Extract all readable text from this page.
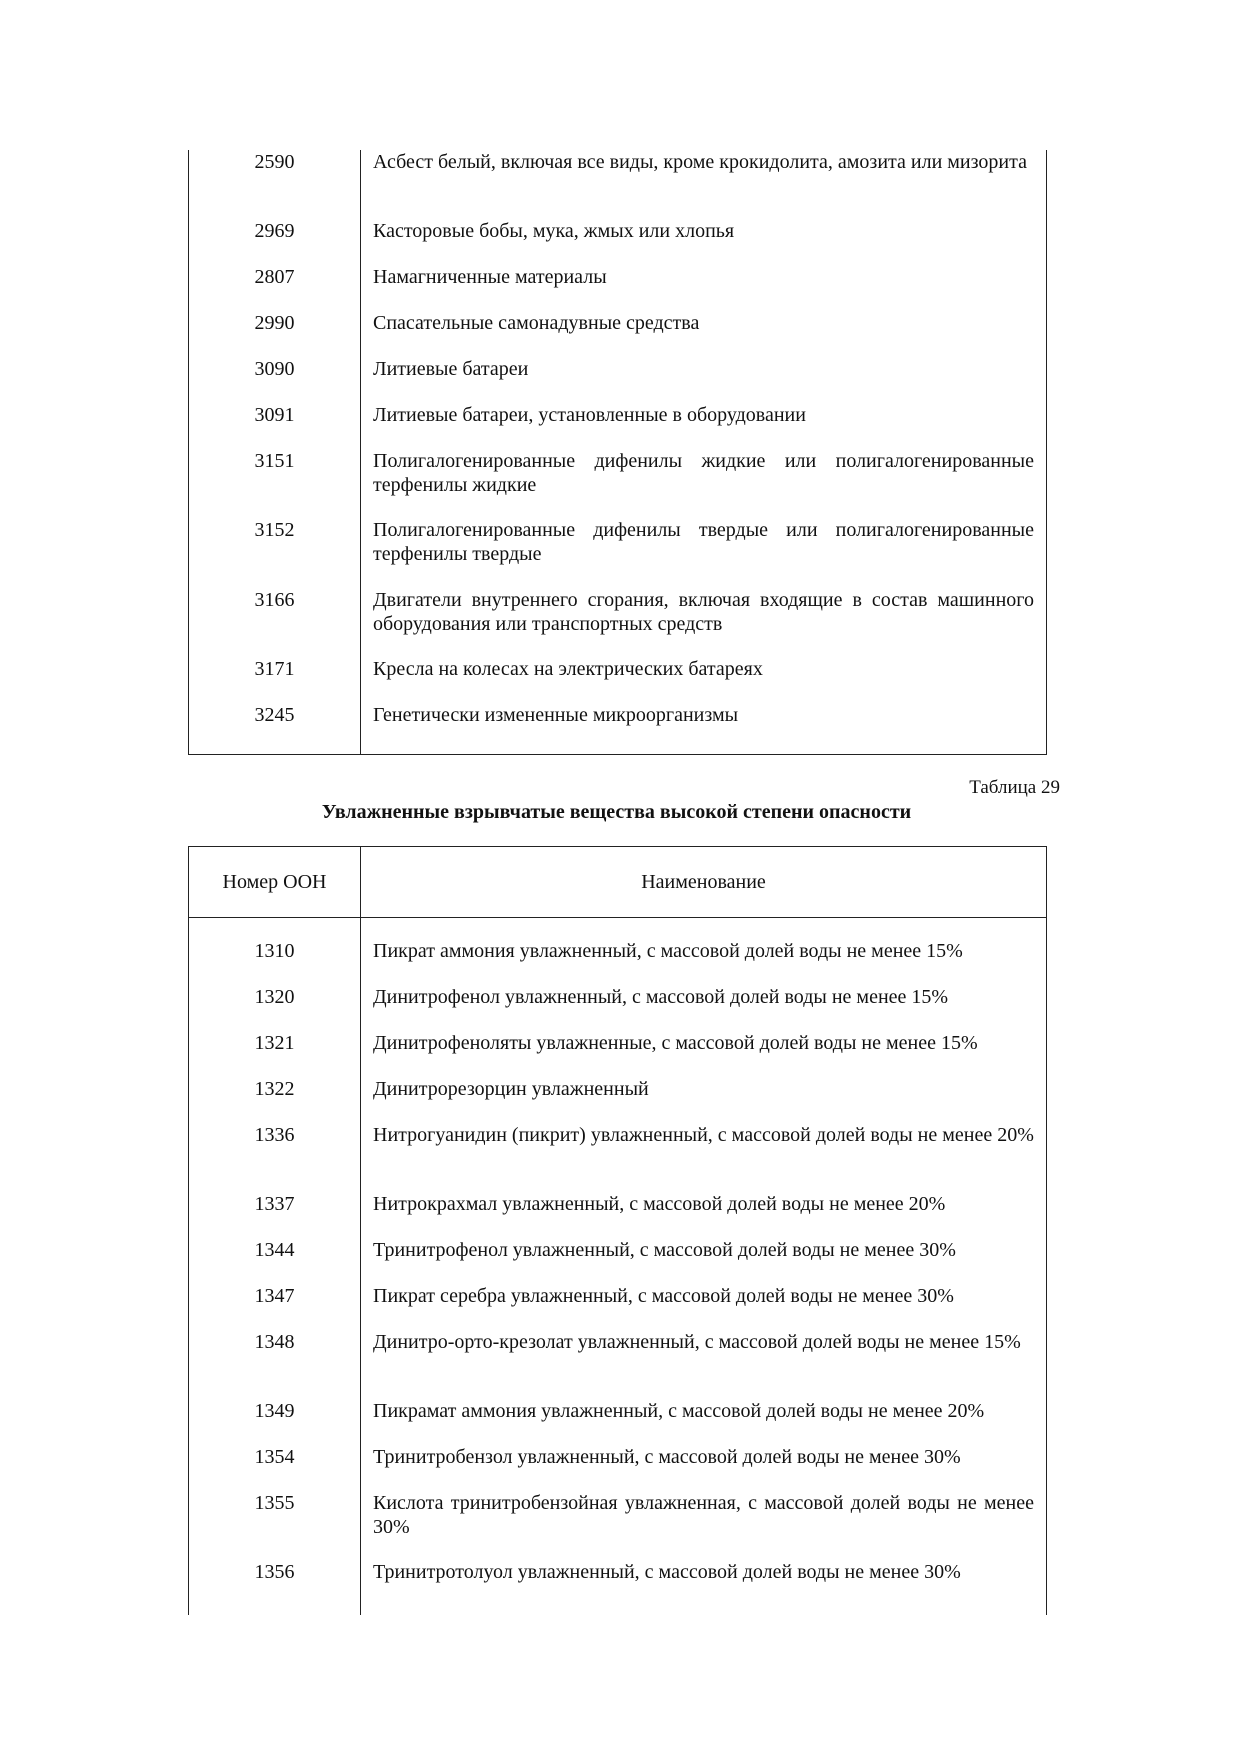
2590	Асбест белый, включая все виды, кроме крокидолита, амозита или мизорита
2969	Касторовые бобы, мука, жмых или хлопья
2807	Намагниченные материалы
2990	Спасательные самонадувные средства
3090	Литиевые батареи
3091	Литиевые батареи, установленные в оборудовании
3151	Полигалогенированные дифенилы жидкие или полигалогенированные терфенилы жидкие
3152	Полигалогенированные дифенилы твердые или полигалогенированные терфенилы твердые
3166	Двигатели внутреннего сгорания, включая входящие в состав машинного оборудования или транспортных средств
3171	Кресла на колесах на электрических батареях
3245	Генетически измененные микроорганизмы
Таблица 29
Увлажненные взрывчатые вещества высокой степени опасности
Номер ООН	Наименование
1310	Пикрат аммония увлажненный, с массовой долей воды не менее 15%
1320	Динитрофенол увлажненный, с массовой долей воды не менее 15%
1321	Динитрофеноляты увлажненные, с массовой долей воды не менее 15%
1322	Динитрорезорцин увлажненный
1336	Нитрогуанидин (пикрит) увлажненный, с массовой долей воды не менее 20%
1337	Нитрокрахмал увлажненный, с массовой долей воды не менее 20%
1344	Тринитрофенол увлажненный, с массовой долей воды не менее 30%
1347	Пикрат серебра увлажненный, с массовой долей воды не менее 30%
1348	Динитро-орто-крезолат увлажненный, с массовой долей воды не менее 15%
1349	Пикрамат аммония увлажненный, с массовой долей воды не менее 20%
1354	Тринитробензол увлажненный, с массовой долей воды не менее 30%
1355	Кислота тринитробензойная увлажненная, с массовой долей воды не менее 30%
1356	Тринитротолуол увлажненный, с массовой долей воды не менее 30%
